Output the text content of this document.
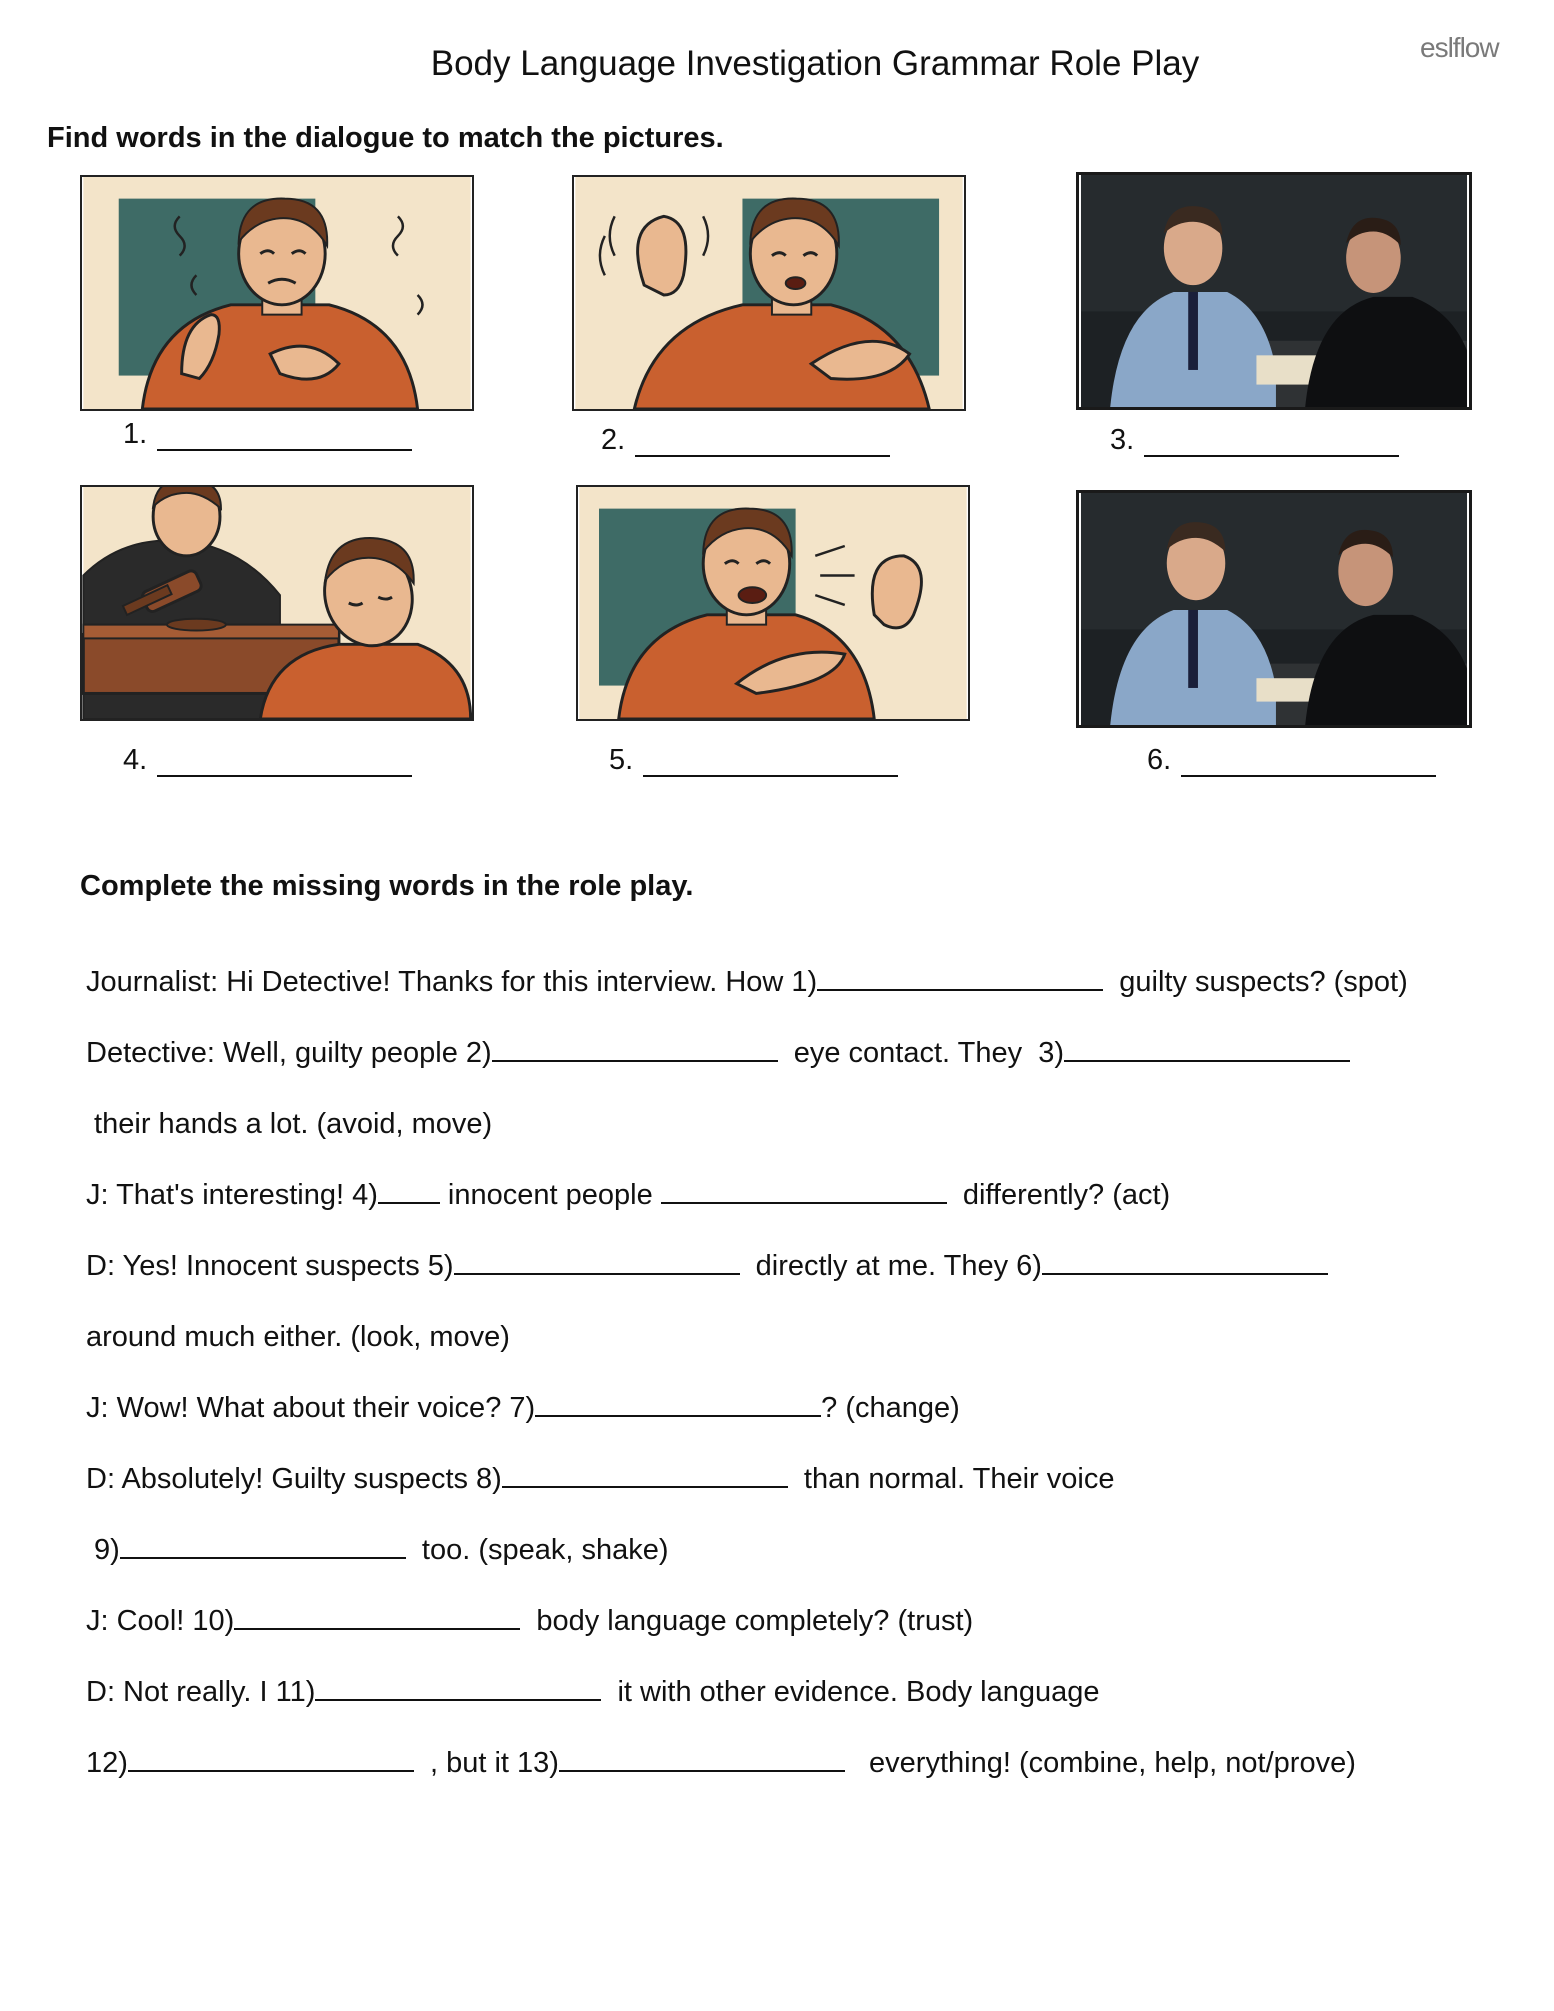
eslflow
Body Language Investigation Grammar Role Play
Find words in the dialogue to match the pictures.
1.	2.	3.
4.	5.	6.
Complete the missing words in the role play.
Journalist: Hi Detective! Thanks for this interview. How 1)	guilty suspects? (spot)
Detective: Well, guilty people 2)	eye contact. They  3)
their hands a lot. (avoid, move)
J: That's interesting! 4) innocent people	differently? (act)
D: Yes! Innocent suspects 5)	directly at me. They 6)
around much either. (look, move)
J: Wow! What about their voice? 7)	? (change)
D: Absolutely! Guilty suspects 8)	than normal. Their voice
9)	too. (speak, shake)
J: Cool! 10)	body language completely? (trust)
D: Not really. I 11)	it with other evidence. Body language
12)	, but it 13)	everything! (combine, help, not/prove)
